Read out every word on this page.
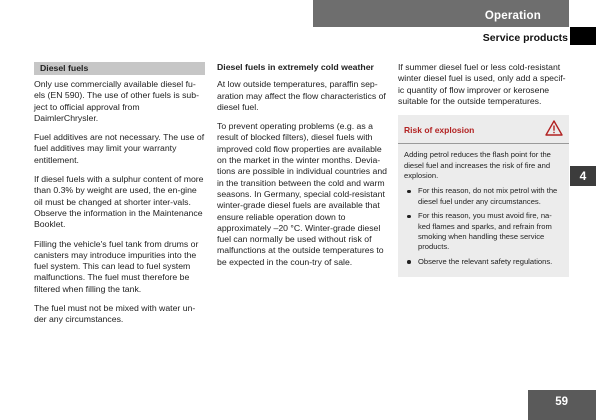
Operation
Service products
4
Diesel fuels

Only use commercially available diesel fu-els (EN 590). The use of other fuels is sub-ject to official approval from DaimlerChrysler.

Fuel additives are not necessary. The use of fuel additives may limit your warranty entitlement.

If diesel fuels with a sulphur content of more than 0.3% by weight are used, the en-gine oil must be changed at shorter inter-vals. Observe the information in the Maintenance Booklet.

Filling the vehicle's fuel tank from drums or canisters may introduce impurities into the fuel system. This can lead to fuel system malfunctions. The fuel must therefore be filtered when filling the tank.

The fuel must not be mixed with water un-der any circumstances.

Diesel fuels in extremely cold weather

At low outside temperatures, paraffin sep-aration may affect the flow characteristics of diesel fuel.

To prevent operating problems (e.g. as a result of blocked filters), diesel fuels with improved cold flow properties are available on the market in the winter months. Devia-tions are possible in individual countries and in the transition between the cold and warm seasons. In Germany, special cold-resistant winter-grade diesel fuels are available that ensure reliable operation down to approximately –20 °C. Winter-grade diesel fuel can normally be used without risk of malfunctions at the outside temperatures to be expected in the coun-try of sale.

If summer diesel fuel or less cold-resistant winter diesel fuel is used, only add a specif-ic quantity of flow improver or kerosene suitable for the outside temperatures.

Risk of explosion

Adding petrol reduces the flash point for the diesel fuel and increases the risk of fire and explosion.

For this reason, do not mix petrol with the diesel fuel under any circumstances.
For this reason, you must avoid fire, na-ked flames and sparks, and refrain from smoking when handling these service products.
Observe the relevant safety regulations.
59
